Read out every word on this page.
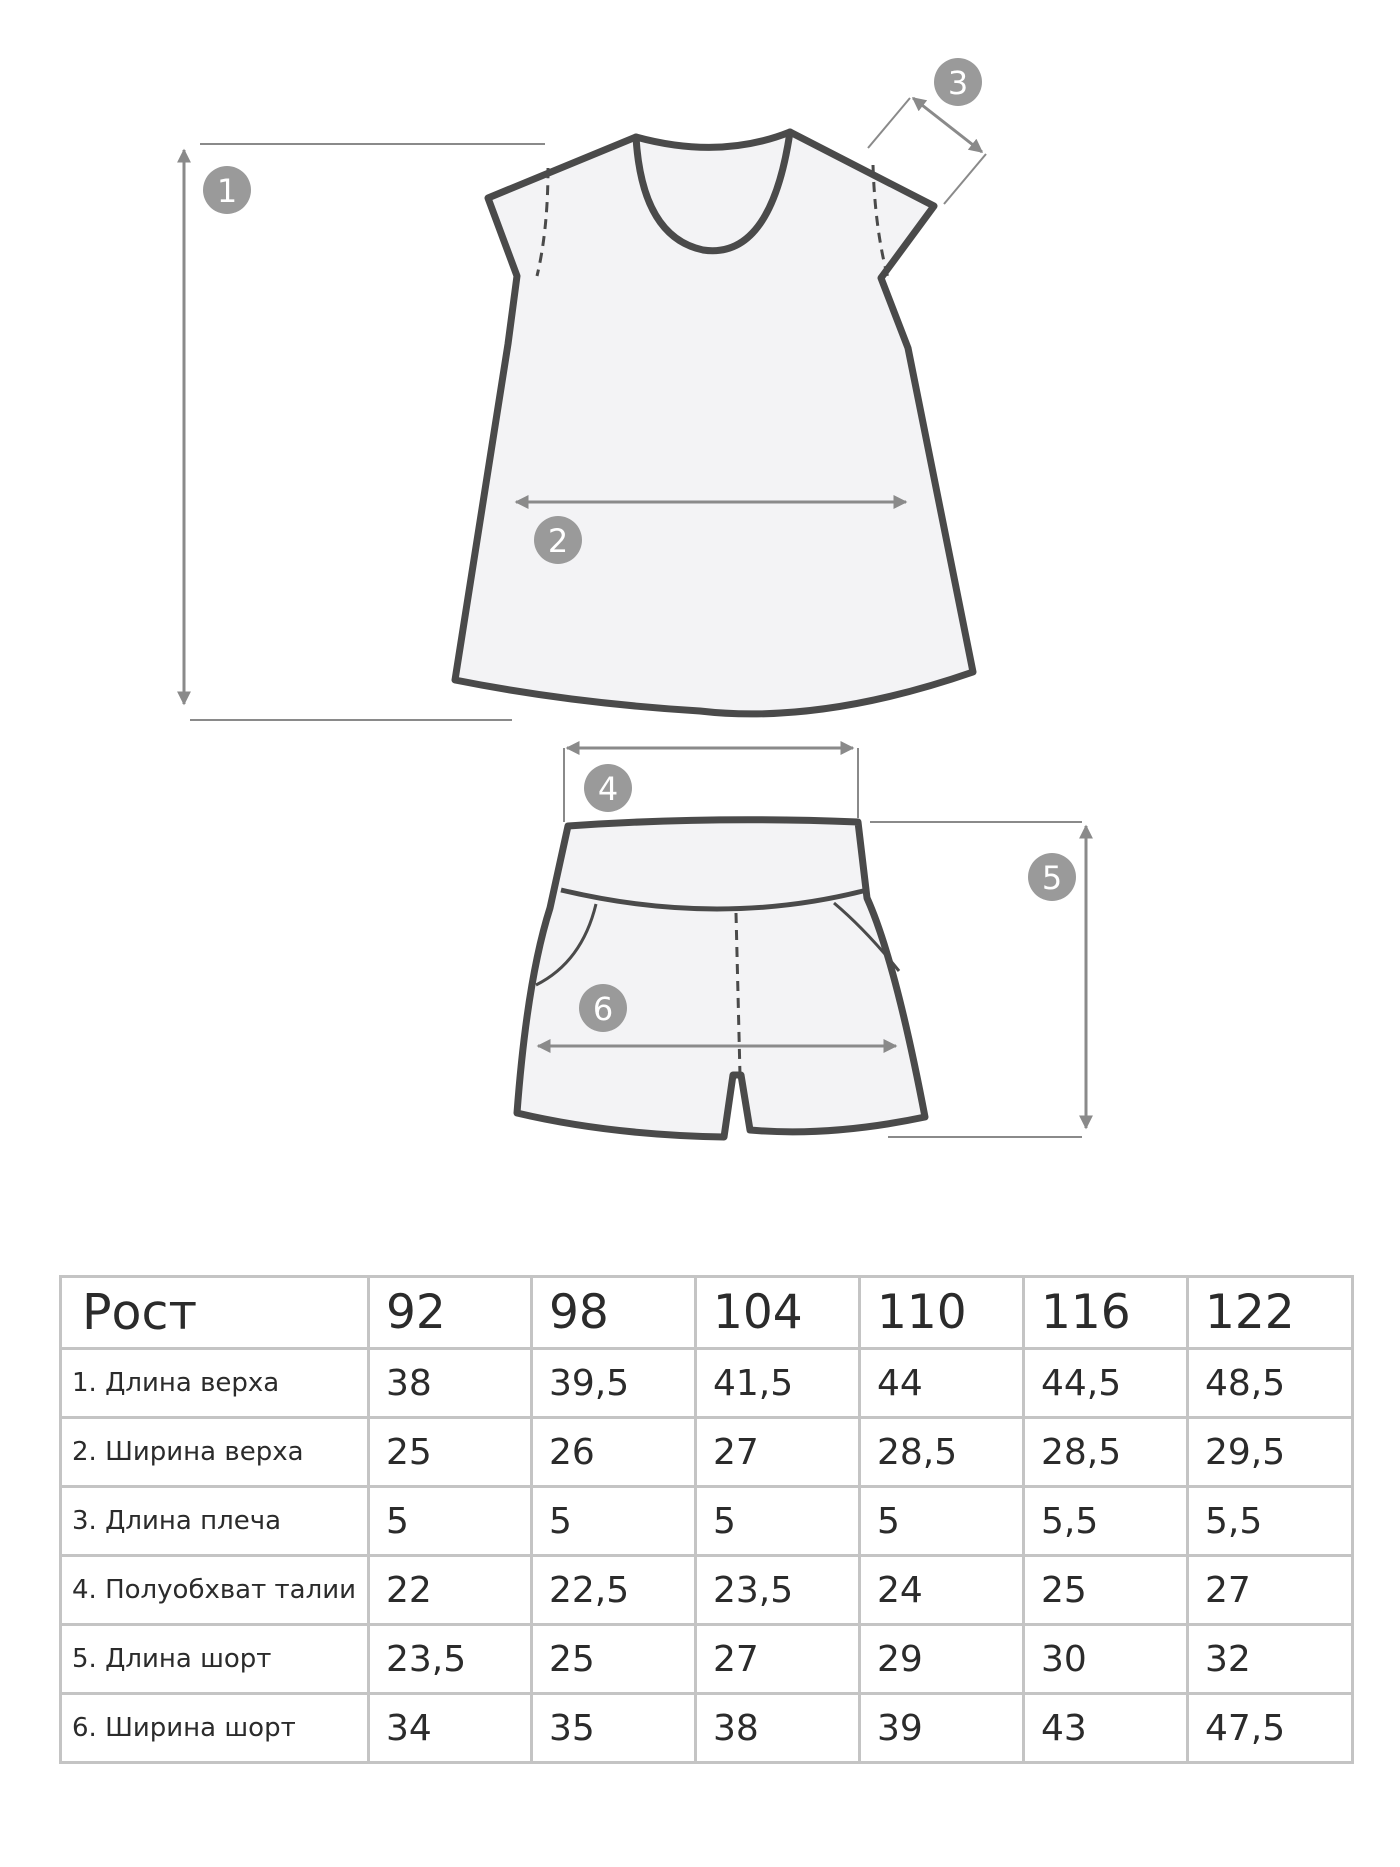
1
2
3
4
5
6
Рост	92	98	104	110	116	122
1. Длина верха	38	39,5	41,5	44	44,5	48,5
2. Ширина верха	25	26	27	28,5	28,5	29,5
3. Длина плеча	5	5	5	5	5,5	5,5
4. Полуобхват талии	22	22,5	23,5	24	25	27
5. Длина шорт	23,5	25	27	29	30	32
6. Ширина шорт	34	35	38	39	43	47,5
